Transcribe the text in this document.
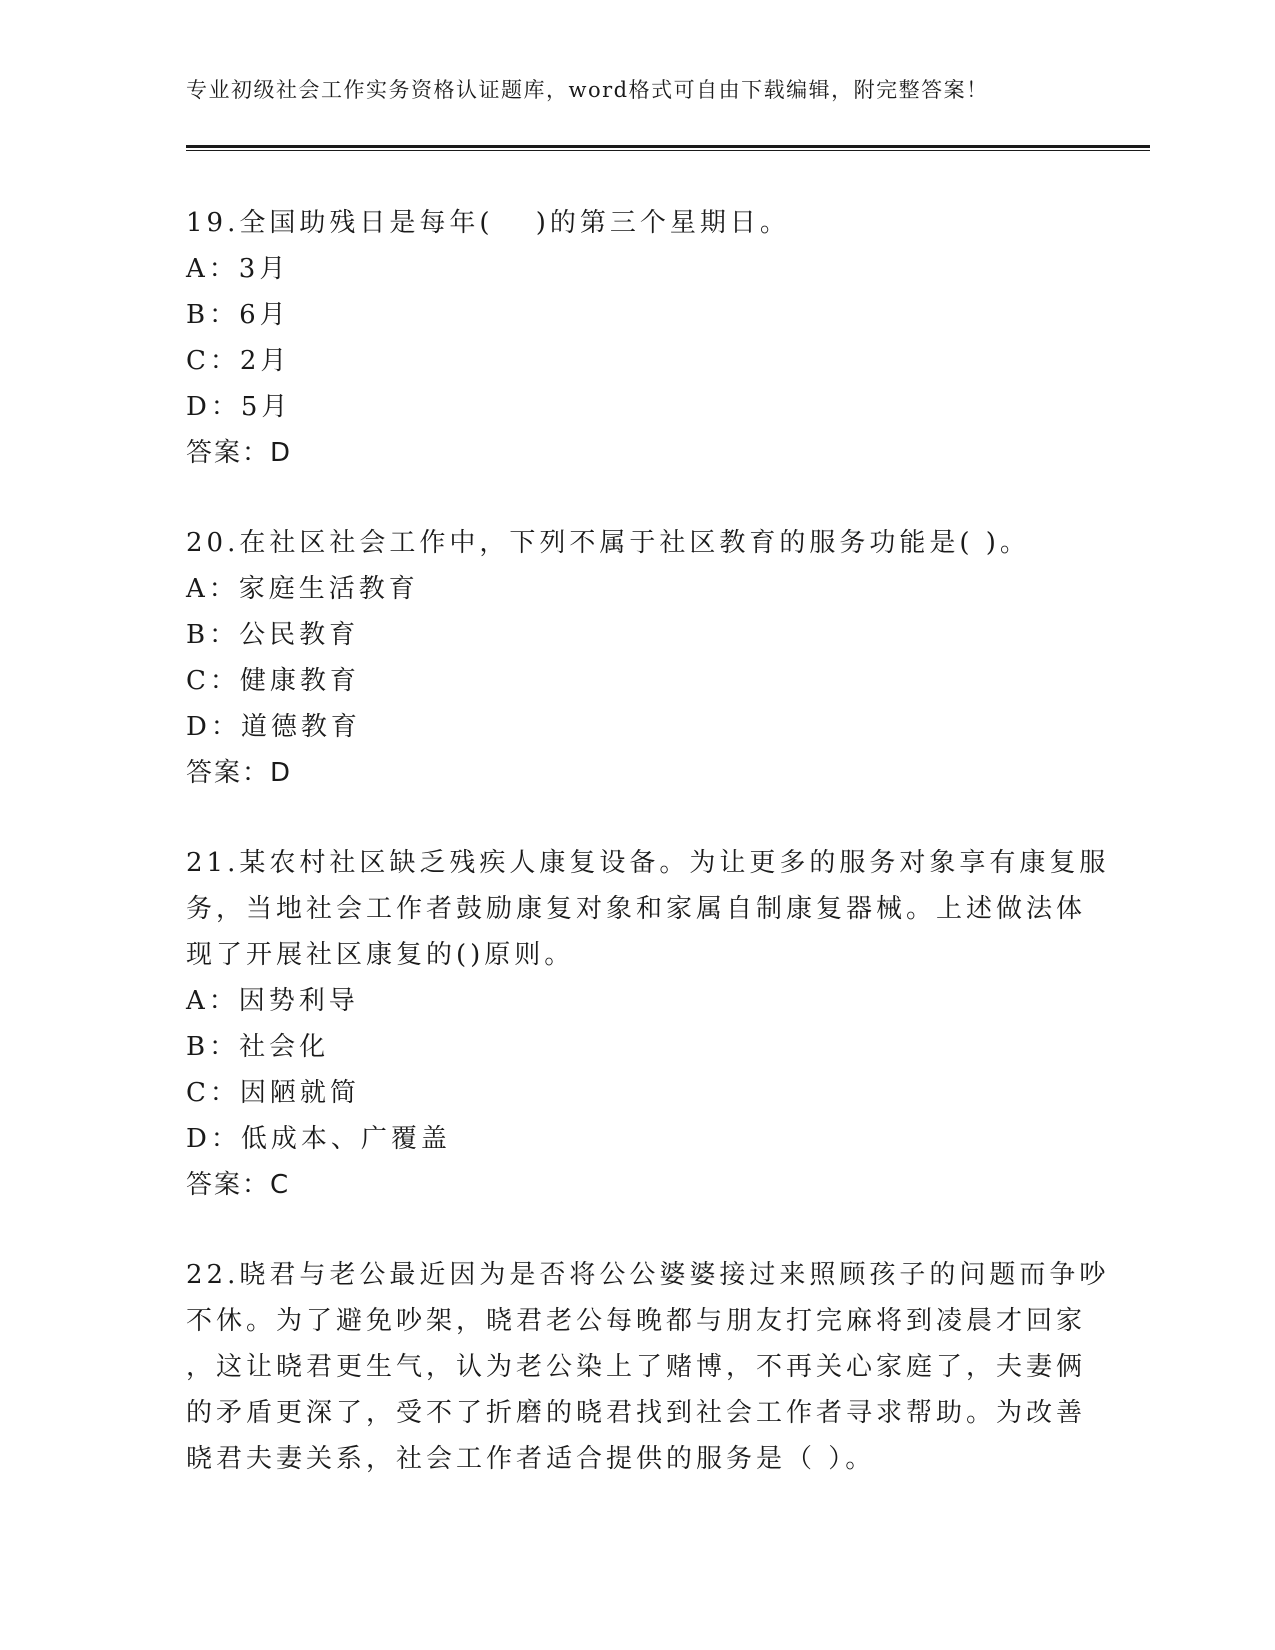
专业初级社会工作实务资格认证题库，word格式可自由下载编辑，附完整答案！
19.全国助残日是每年(　 )的第三个星期日。
A：3月
B：6月
C：2月
D：5月
答案：D
20.在社区社会工作中，下列不属于社区教育的服务功能是( )。
A：家庭生活教育
B：公民教育
C：健康教育
D：道德教育
答案：D
21.某农村社区缺乏残疾人康复设备。为让更多的服务对象享有康复服
务，当地社会工作者鼓励康复对象和家属自制康复器械。上述做法体
现了开展社区康复的()原则。
A：因势利导
B：社会化
C：因陋就简
D：低成本、广覆盖
答案：C
22.晓君与老公最近因为是否将公公婆婆接过来照顾孩子的问题而争吵
不休。为了避免吵架，晓君老公每晚都与朋友打完麻将到凌晨才回家
，这让晓君更生气，认为老公染上了赌博，不再关心家庭了，夫妻俩
的矛盾更深了，受不了折磨的晓君找到社会工作者寻求帮助。为改善
晓君夫妻关系，社会工作者适合提供的服务是（ ）。
